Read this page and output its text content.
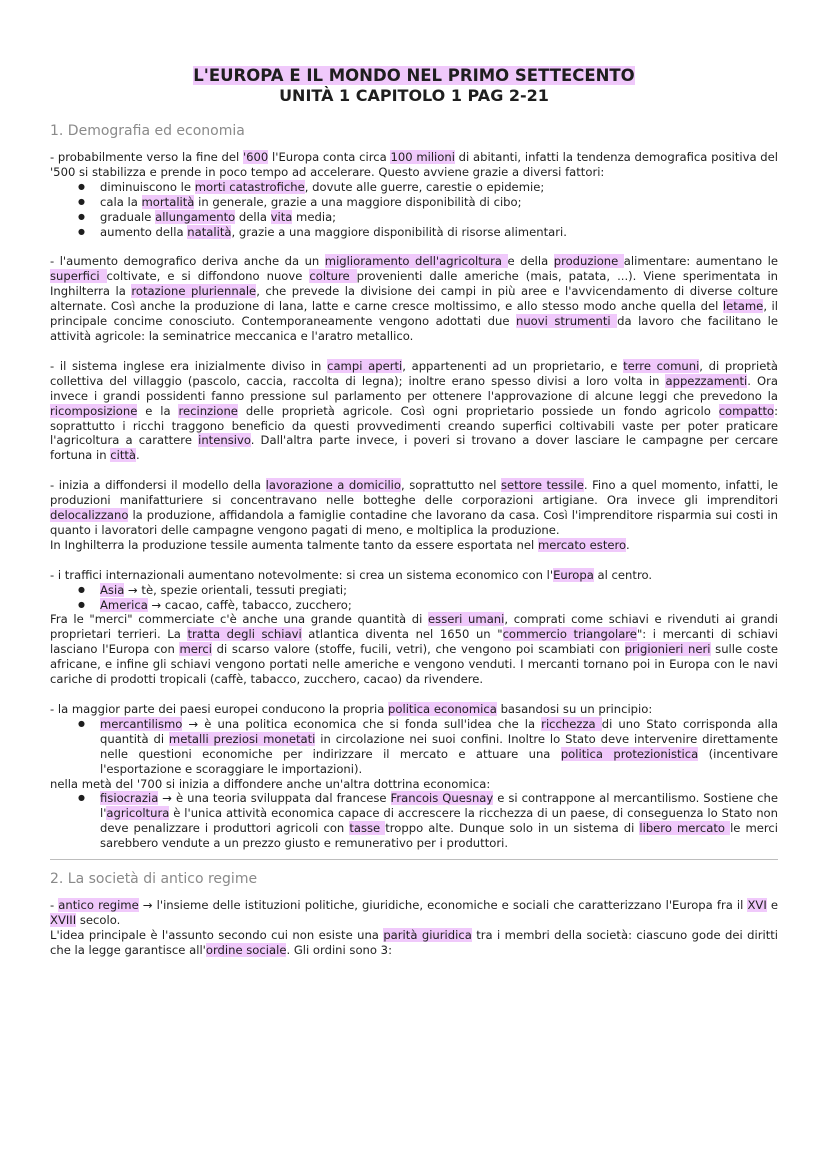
L'EUROPA E IL MONDO NEL PRIMO SETTECENTO

UNITÀ 1 CAPITOLO 1 PAG 2-21

1. Demografia ed economia

- probabilmente verso la fine del '600 l'Europa conta circa 100 milioni di abitanti, infatti la tendenza demografica positiva del '500 si stabilizza e prende in poco tempo ad accelerare. Questo avviene grazie a diversi fattori:

● diminuiscono le morti catastrofiche, dovute alle guerre, carestie o epidemie;
● cala la mortalità in generale, grazie a una maggiore disponibilità di cibo;
● graduale allungamento della vita media;
● aumento della natalità, grazie a una maggiore disponibilità di risorse alimentari.

- l'aumento demografico deriva anche da un miglioramento dell'agricoltura e della produzione alimentare: aumentano le superfici coltivate, e si diffondono nuove colture provenienti dalle americhe (mais, patata, ...). Viene sperimentata in Inghilterra la rotazione pluriennale, che prevede la divisione dei campi in più aree e l'avvicendamento di diverse colture alternate. Così anche la produzione di lana, latte e carne cresce moltissimo, e allo stesso modo anche quella del letame, il principale concime conosciuto. Contemporaneamente vengono adottati due nuovi strumenti da lavoro che facilitano le attività agricole: la seminatrice meccanica e l'aratro metallico.

- il sistema inglese era inizialmente diviso in campi aperti, appartenenti ad un proprietario, e terre comuni, di proprietà collettiva del villaggio (pascolo, caccia, raccolta di legna); inoltre erano spesso divisi a loro volta in appezzamenti. Ora invece i grandi possidenti fanno pressione sul parlamento per ottenere l'approvazione di alcune leggi che prevedono la ricomposizione e la recinzione delle proprietà agricole. Così ogni proprietario possiede un fondo agricolo compatto: soprattutto i ricchi traggono beneficio da questi provvedimenti creando superfici coltivabili vaste per poter praticare l'agricoltura a carattere intensivo. Dall'altra parte invece, i poveri si trovano a dover lasciare le campagne per cercare fortuna in città.

- inizia a diffondersi il modello della lavorazione a domicilio, soprattutto nel settore tessile. Fino a quel momento, infatti, le produzioni manifatturiere si concentravano nelle botteghe delle corporazioni artigiane. Ora invece gli imprenditori delocalizzano la produzione, affidandola a famiglie contadine che lavorano da casa. Così l'imprenditore risparmia sui costi in quanto i lavoratori delle campagne vengono pagati di meno, e moltiplica la produzione.

In Inghilterra la produzione tessile aumenta talmente tanto da essere esportata nel mercato estero.

- i traffici internazionali aumentano notevolmente: si crea un sistema economico con l'Europa al centro.

● Asia → tè, spezie orientali, tessuti pregiati;
● America → cacao, caffè, tabacco, zucchero;

Fra le "merci" commerciate c'è anche una grande quantità di esseri umani, comprati come schiavi e rivenduti ai grandi proprietari terrieri. La tratta degli schiavi atlantica diventa nel 1650 un "commercio triangolare": i mercanti di schiavi lasciano l'Europa con merci di scarso valore (stoffe, fucili, vetri), che vengono poi scambiati con prigionieri neri sulle coste africane, e infine gli schiavi vengono portati nelle americhe e vengono venduti. I mercanti tornano poi in Europa con le navi cariche di prodotti tropicali (caffè, tabacco, zucchero, cacao) da rivendere.

- la maggior parte dei paesi europei conducono la propria politica economica basandosi su un principio:

● mercantilismo → è una politica economica che si fonda sull'idea che la ricchezza di uno Stato corrisponda alla quantità di metalli preziosi monetati in circolazione nei suoi confini. Inoltre lo Stato deve intervenire direttamente nelle questioni economiche per indirizzare il mercato e attuare una politica protezionistica (incentivare l'esportazione e scoraggiare le importazioni).

nella metà del '700 si inizia a diffondere anche un'altra dottrina economica:

● fisiocrazia → è una teoria sviluppata dal francese Francois Quesnay e si contrappone al mercantilismo. Sostiene che l'agricoltura è l'unica attività economica capace di accrescere la ricchezza di un paese, di conseguenza lo Stato non deve penalizzare i produttori agricoli con tasse troppo alte. Dunque solo in un sistema di libero mercato le merci sarebbero vendute a un prezzo giusto e remunerativo per i produttori.
2. La società di antico regime

- antico regime → l'insieme delle istituzioni politiche, giuridiche, economiche e sociali che caratterizzano l'Europa fra il XVI e XVIII secolo.

L'idea principale è l'assunto secondo cui non esiste una parità giuridica tra i membri della società: ciascuno gode dei diritti che la legge garantisce all'ordine sociale. Gli ordini sono 3:
